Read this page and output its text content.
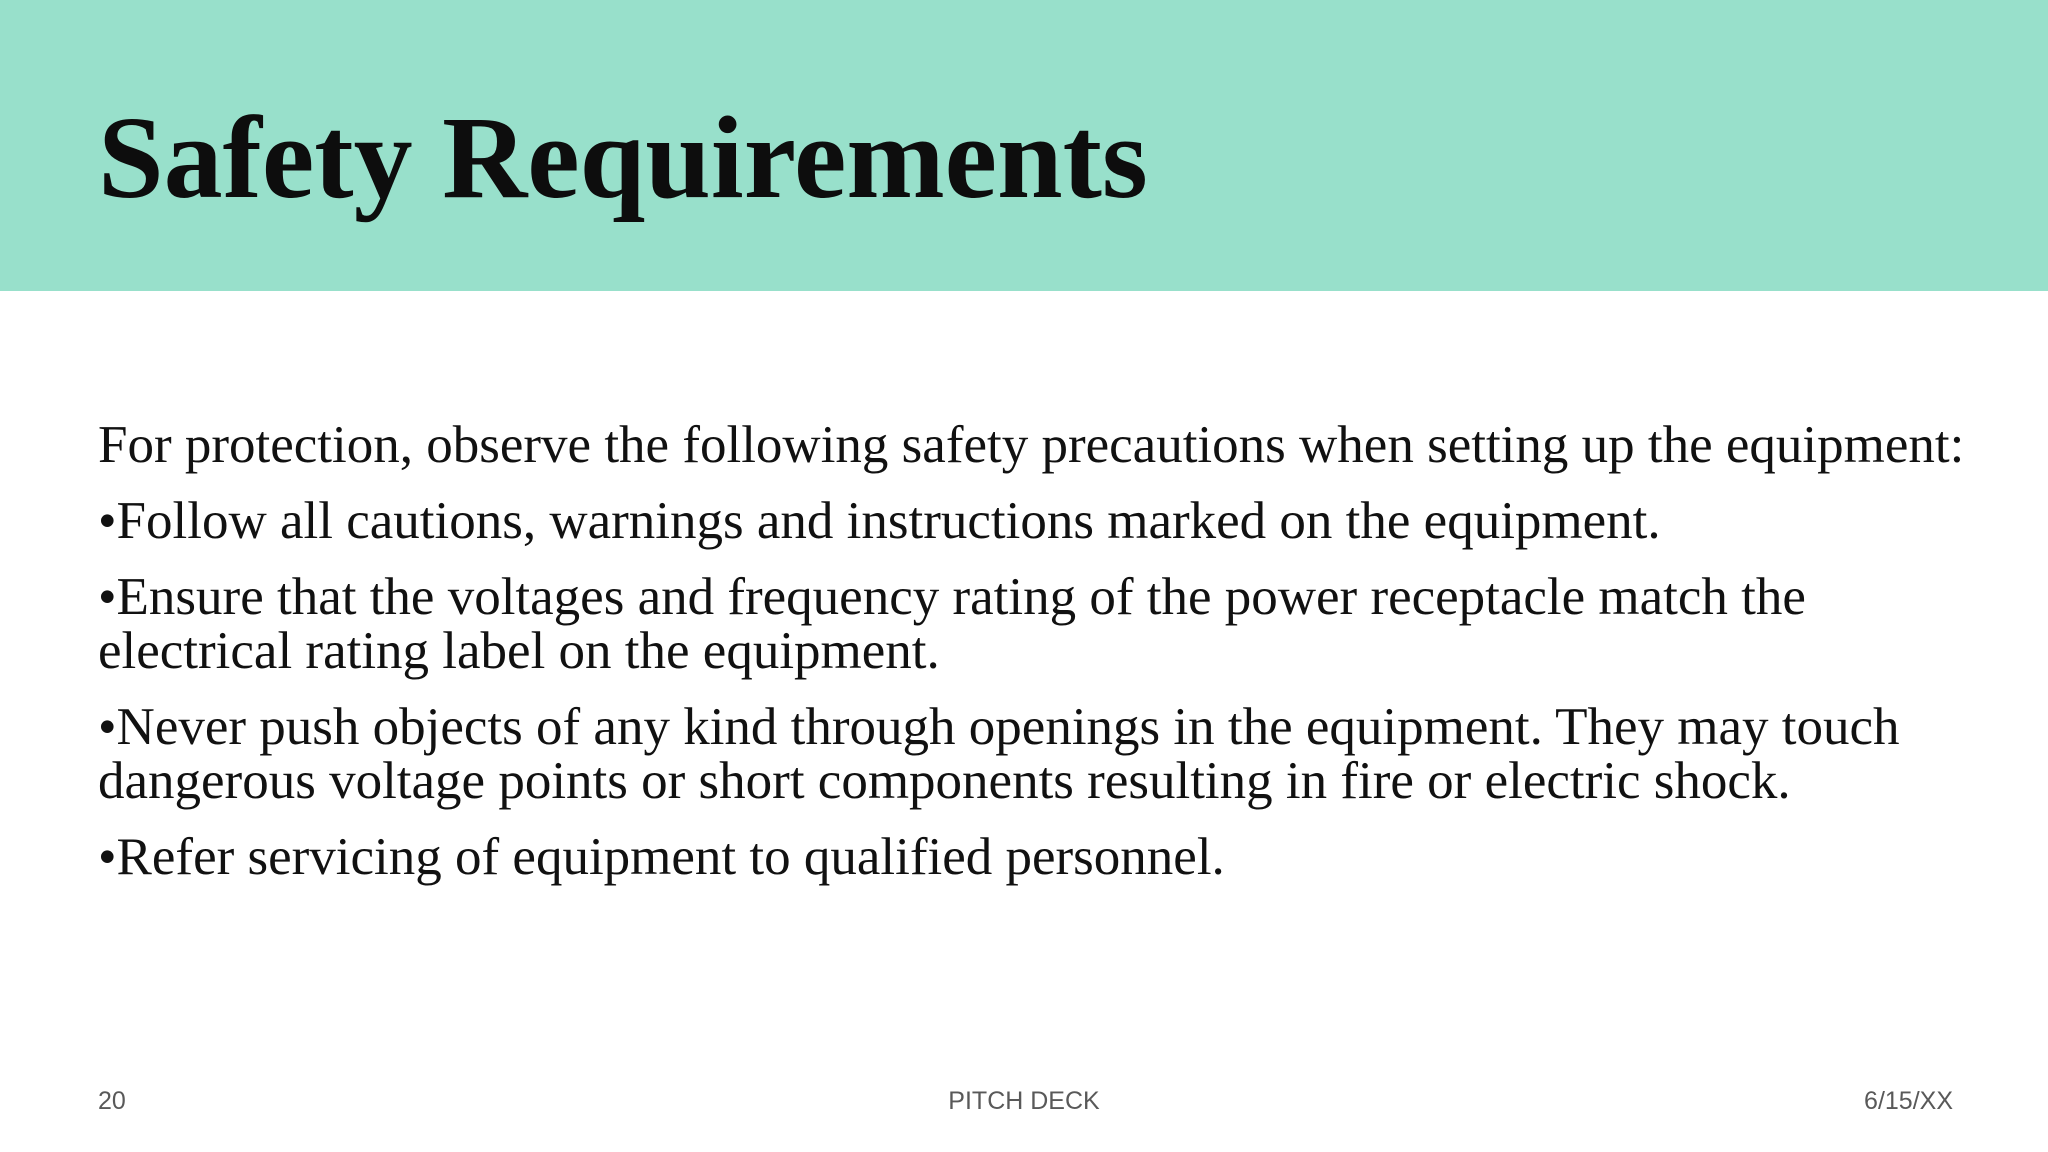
Safety Requirements

For protection, observe the following safety precautions when setting up the equipment:

•Follow all cautions, warnings and instructions marked on the equipment.

•Ensure that the voltages and frequency rating of the power receptacle match the electrical rating label on the equipment.

•Never push objects of any kind through openings in the equipment. They may touch dangerous voltage points or short components resulting in fire or electric shock.

•Refer servicing of equipment to qualified personnel.

20	PITCH DECK	6/15/XX
